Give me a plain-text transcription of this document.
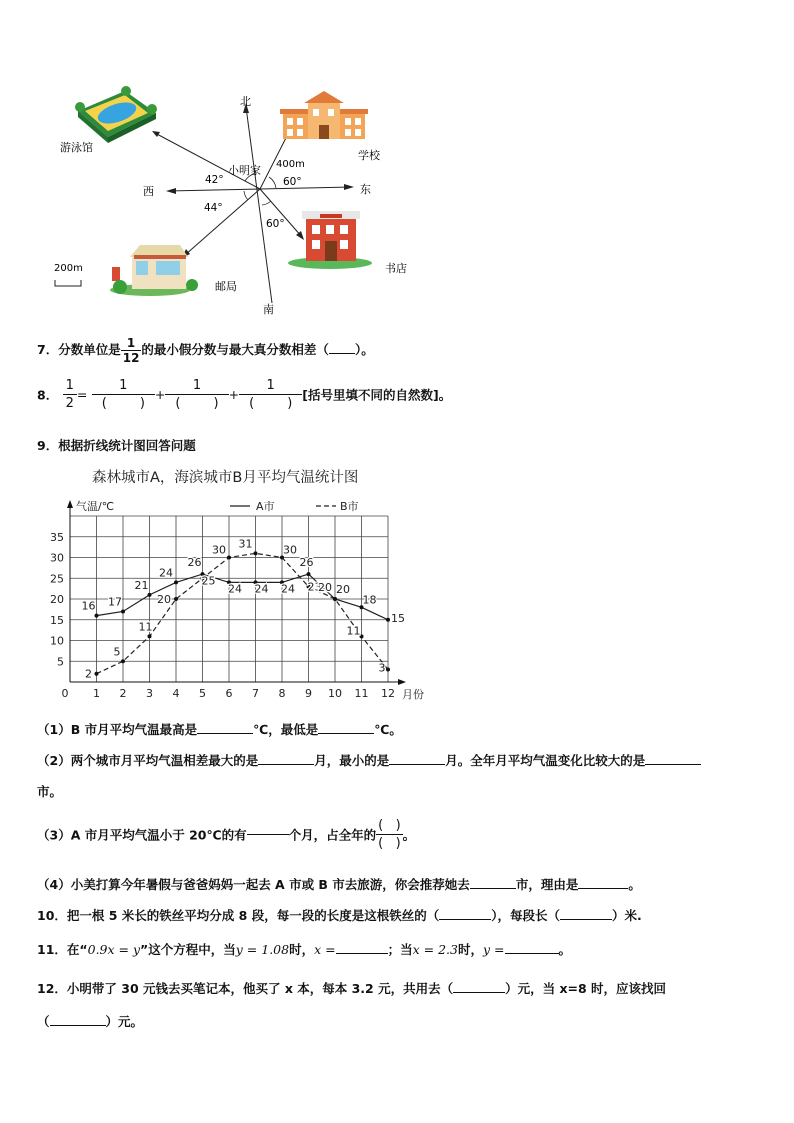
北
南
东
西
小明家 400m
42°	60°
44°
60°
游泳馆
学校
书店
邮局
200m
7．分数单位是 $\frac{1}{12}$ 的最小假分数与最大真分数相差（ ）。
8． $\frac{1}{2} = \frac{1}{( )} + \frac{1}{( )} + \frac{1}{( )}$ [括号里填不同的自然数]。
9．根据折线统计图回答问题
森林城市A，海滨城市B月平均气温统计图
气温/℃
月份
0 1 2 3 4 5 6 7 8 9 10 11 12
5
10
15
20
25
30
35
A市	B市
16 17
21
24
26
24 24 24
26
20
18
15
2
5
11
20
25
30 31	30
23
20
11
3
（1）B 市月平均气温最高是	℃，最低是	℃。
（2）两个城市月平均气温相差最大的是	月，最小的是	月。全年月平均气温变化比较大的是
市。
（3）A 市月平均气温小于 20℃的有	个月，占全年的 $\frac{( )}{( )}$ 。
（4）小美打算今年暑假与爸爸妈妈一起去 A 市或 B 市去旅游，你会推荐她去	市，理由是	。
10．把一根 5 米长的铁丝平均分成 8 段，每一段的长度是这根铁丝的（	），每段长（	）米.
11．在“0.9x = y”这个方程中，当y = 1.08时，x =	；当x = 2.3时，y =	。
12．小明带了 30 元钱去买笔记本，他买了 x 本，每本 3.2 元，共用去（	）元，当 x=8 时，应该找回
（	）元。
